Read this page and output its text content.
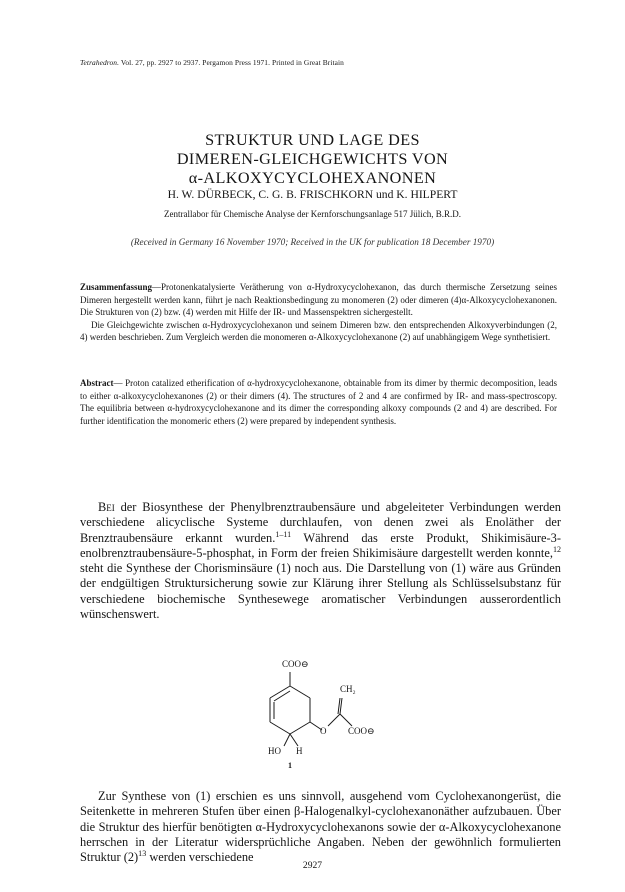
Tetrahedron. Vol. 27, pp. 2927 to 2937. Pergamon Press 1971. Printed in Great Britain
STRUKTUR UND LAGE DES
DIMEREN-GLEICHGEWICHTS VON
α-ALKOXYCYCLOHEXANONEN
H. W. DÜRBECK, C. G. B. FRISCHKORN und K. HILPERT
Zentrallabor für Chemische Analyse der Kernforschungsanlage 517 Jülich, B.R.D.
(Received in Germany 16 November 1970; Received in the UK for publication 18 December 1970)

Zusammenfassung—Protonenkatalysierte Verätherung von α-Hydroxycyclohexanon, das durch thermische Zersetzung seines Dimeren hergestellt werden kann, führt je nach Reaktionsbedingung zu monomeren (2) oder dimeren (4)α-Alkoxycyclohexanonen. Die Strukturen von (2) bzw. (4) werden mit Hilfe der IR- und Massenspektren sichergestellt.

Die Gleichgewichte zwischen α-Hydroxycyclohexanon und seinem Dimeren bzw. den entsprechenden Alkoxyverbindungen (2, 4) werden beschrieben. Zum Vergleich werden die monomeren α-Alkoxycyclohexanone (2) auf unabhängigem Wege synthetisiert.

Abstract— Proton catalized etherification of α-hydroxycyclohexanone, obtainable from its dimer by thermic decomposition, leads to either α-alkoxycyclohexanones (2) or their dimers (4). The structures of 2 and 4 are confirmed by IR- and mass-spectroscopy. The equilibria between α-hydroxycyclohexanone and its dimer the corresponding alkoxy compounds (2 and 4) are described. For further identification the monomeric ethers (2) were prepared by independent synthesis.

Bei der Biosynthese der Phenylbrenztraubensäure und abgeleiteter Verbindungen werden verschiedene alicyclische Systeme durchlaufen, von denen zwei als Enoläther der Brenztraubensäure erkannt wurden.$^{1-11}$ Während das erste Produkt, Shikimisäure-3-enolbrenztraubensäure-5-phosphat, in Form der freien Shikimisäure dargestellt werden konnte,$^{12}$ steht die Synthese der Chorisminsäure (1) noch aus. Die Darstellung von (1) wäre aus Gründen der endgültigen Struktursicherung sowie zur Klärung ihrer Stellung als Schlüsselsubstanz für verschiedene biochemische Synthesewege aromatischer Verbindungen ausserordentlich wünschenswert.

COO⊖
CH₂
O COO⊖
HO H
1

Zur Synthese von (1) erschien es uns sinnvoll, ausgehend vom Cyclohexanongerüst, die Seitenkette in mehreren Stufen über einen β-Halogenalkyl-cyclohexanonäther aufzubauen. Über die Struktur des hierfür benötigten α-Hydroxycyclohexanons sowie der α-Alkoxycyclohexanone herrschen in der Literatur widersprüchliche Angaben. Neben der gewöhnlich formulierten Struktur $(2)^{13}$ werden verschiedene

2927
